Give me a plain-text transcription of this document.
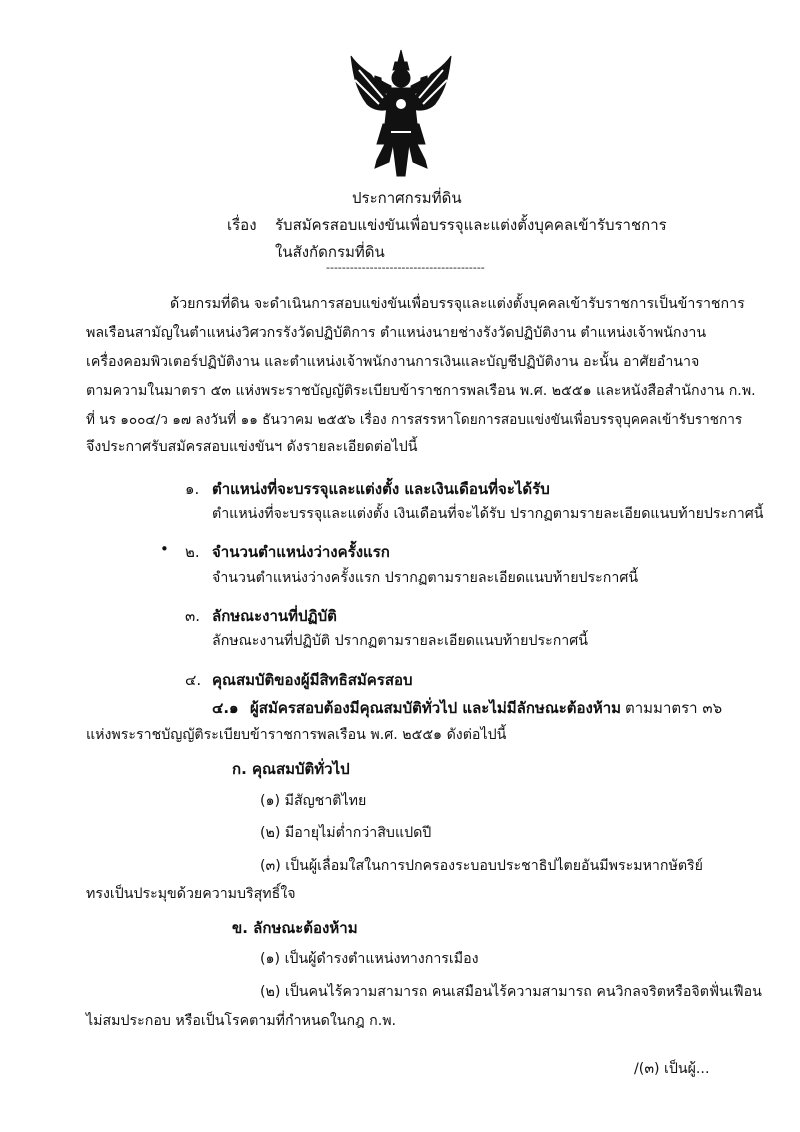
ประกาศกรมที่ดิน
เรื่อง รับสมัครสอบแข่งขันเพื่อบรรจุและแต่งตั้งบุคคลเข้ารับราชการ
ในสังกัดกรมที่ดิน
----------------------------------------
ด้วยกรมที่ดิน จะดำเนินการสอบแข่งขันเพื่อบรรจุและแต่งตั้งบุคคลเข้ารับราชการเป็นข้าราชการ
พลเรือนสามัญในตำแหน่งวิศวกรรังวัดปฏิบัติการ ตำแหน่งนายช่างรังวัดปฏิบัติงาน ตำแหน่งเจ้าพนักงาน
เครื่องคอมพิวเตอร์ปฏิบัติงาน และตำแหน่งเจ้าพนักงานการเงินและบัญชีปฏิบัติงาน อะนั้น อาศัยอำนาจ
ตามความในมาตรา ๕๓ แห่งพระราชบัญญัติระเบียบข้าราชการพลเรือน พ.ศ. ๒๕๕๑ และหนังสือสำนักงาน ก.พ.
ที่ นร ๑๐๐๔/ว ๑๗ ลงวันที่ ๑๑ ธันวาคม ๒๕๕๖ เรื่อง การสรรหาโดยการสอบแข่งขันเพื่อบรรจุบุคคลเข้ารับราชการ
จึงประกาศรับสมัครสอบแข่งขันฯ ดังรายละเอียดต่อไปนี้
๑. ตำแหน่งที่จะบรรจุและแต่งตั้ง และเงินเดือนที่จะได้รับ
ตำแหน่งที่จะบรรจุและแต่งตั้ง เงินเดือนที่จะได้รับ ปรากฏตามรายละเอียดแนบท้ายประกาศนี้
• ๒. จำนวนตำแหน่งว่างครั้งแรก
จำนวนตำแหน่งว่างครั้งแรก ปรากฏตามรายละเอียดแนบท้ายประกาศนี้
๓. ลักษณะงานที่ปฏิบัติ
ลักษณะงานที่ปฏิบัติ ปรากฏตามรายละเอียดแนบท้ายประกาศนี้
๔. คุณสมบัติของผู้มีสิทธิสมัครสอบ
๔.๑ ผู้สมัครสอบต้องมีคุณสมบัติทั่วไป และไม่มีลักษณะต้องห้าม ตามมาตรา ๓๖
แห่งพระราชบัญญัติระเบียบข้าราชการพลเรือน พ.ศ. ๒๕๕๑ ดังต่อไปนี้
ก. คุณสมบัติทั่วไป
(๑) มีสัญชาติไทย
(๒) มีอายุไม่ต่ำกว่าสิบแปดปี
(๓) เป็นผู้เลื่อมใสในการปกครองระบอบประชาธิปไตยอันมีพระมหากษัตริย์
ทรงเป็นประมุขด้วยความบริสุทธิ์ใจ
ข. ลักษณะต้องห้าม
(๑) เป็นผู้ดำรงตำแหน่งทางการเมือง
(๒) เป็นคนไร้ความสามารถ คนเสมือนไร้ความสามารถ คนวิกลจริตหรือจิตฟั่นเฟือน
ไม่สมประกอบ หรือเป็นโรคตามที่กำหนดในกฎ ก.พ.
/(๓) เป็นผู้...
